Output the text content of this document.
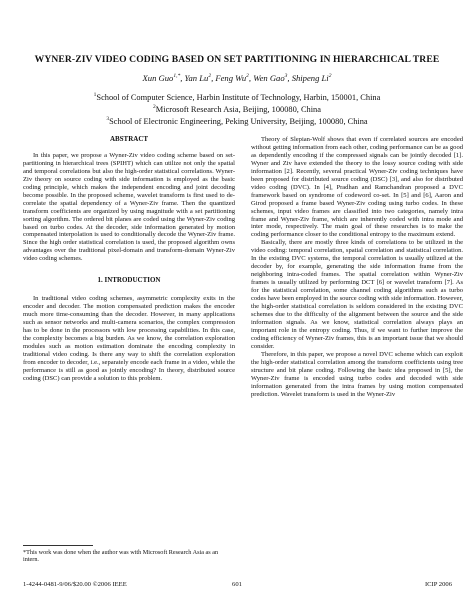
WYNER-ZIV VIDEO CODING BASED ON SET PARTITIONING IN HIERARCHICAL TREE
Xun Guo$^{1,*}$, Yan Lu$^2$, Feng Wu$^2$, Wen Gao$^3$, Shipeng Li$^2$
$^1$School of Computer Science, Harbin Institute of Technology, Harbin, 150001, China
$^2$Microsoft Research Asia, Beijing, 100080, China
$^3$School of Electronic Engineering, Peking University, Beijing, 100080, China

ABSTRACT

In this paper, we propose a Wyner-Ziv video coding scheme based on set-partitioning in hierarchical trees (SPIHT) which can utilize not only the spatial and temporal correlations but also the high-order statistical correlations. Wyner-Ziv theory on source coding with side information is employed as the basic coding principle, which makes the independent encoding and joint decoding become possible. In the proposed scheme, wavelet transform is first used to de-correlate the spatial dependency of a Wyner-Ziv frame. Then the quantized transform coefficients are organized by using magnitude with a set partitioning sorting algorithm. The ordered bit planes are coded using the Wyner-Ziv coding based on turbo codes. At the decoder, side information generated by motion compensated interpolation is used to conditionally decode the Wyner-Ziv frame. Since the high order statistical correlation is used, the proposed algorithm owns advantages over the traditional pixel-domain and transform-domain Wyner-Ziv video coding schemes.

1. INTRODUCTION

In traditional video coding schemes, asymmetric complexity exits in the encoder and decoder. The motion compensated prediction makes the encoder much more time-consuming than the decoder. However, in many applications such as sensor networks and multi-camera scenarios, the complex compression has to be done in the processors with low processing capabilities. In this case, the complexity becomes a big burden. As we know, the correlation exploration modules such as motion estimation dominate the encoding complexity in traditional video coding. Is there any way to shift the correlation exploration from encoder to decoder, i.e., separately encode each frame in a video, while the performance is still as good as jointly encoding? In theory, distributed source coding (DSC) can provide a solution to this problem.

*This work was done when the author was with Microsoft Research Asia as an intern.

Theory of Slepian-Wolf shows that even if correlated sources are encoded without getting information from each other, coding performance can be as good as dependently encoding if the compressed signals can be jointly decoded [1]. Wyner and Ziv have extended the theory to the lossy source coding with side information [2]. Recently, several practical Wyner-Ziv coding techniques have been proposed for distributed source coding (DSC) [3], and also for distributed video coding (DVC). In [4], Pradhan and Ramchandran proposed a DVC framework based on syndrome of codeword co-set. In [5] and [6], Aaron and Girod proposed a frame based Wyner-Ziv coding using turbo codes. In these schemes, input video frames are classified into two categories, namely intra frame and Wyner-Ziv frame, which are inherently coded with intra mode and inter mode, respectively. The main goal of these researches is to make the coding performance closer to the conditional entropy to the maximum extend.

Basically, there are mostly three kinds of correlations to be utilized in the video coding: temporal correlation, spatial correlation and statistical correlation. In the existing DVC systems, the temporal correlation is usually utilized at the decoder by, for example, generating the side information frame from the neighboring intra-coded frames. The spatial correlation within Wyner-Ziv frames is usually utilized by performing DCT [6] or wavelet transform [7]. As for the statistical correlation, some channel coding algorithms such as turbo codes have been employed in the source coding with side information. However, the high-order statistical correlation is seldom considered in the existing DVC schemes due to the difficulty of the alignment between the source and the side information signals. As we know, statistical correlation always plays an important role in the entropy coding. Thus, if we want to further improve the coding efficiency of Wyner-Ziv frames, this is an important issue that we should consider.

Therefore, in this paper, we propose a novel DVC scheme which can exploit the high-order statistical correlation among the transform coefficients using tree structure and bit plane coding. Following the basic idea proposed in [5], the Wyner-Ziv frame is encoded using turbo codes and decoded with side information generated from the intra frames by using motion compensated prediction. Wavelet transform is used in the Wyner-Ziv

1-4244-0481-9/06/$20.00 ©2006 IEEE	601	ICIP 2006
